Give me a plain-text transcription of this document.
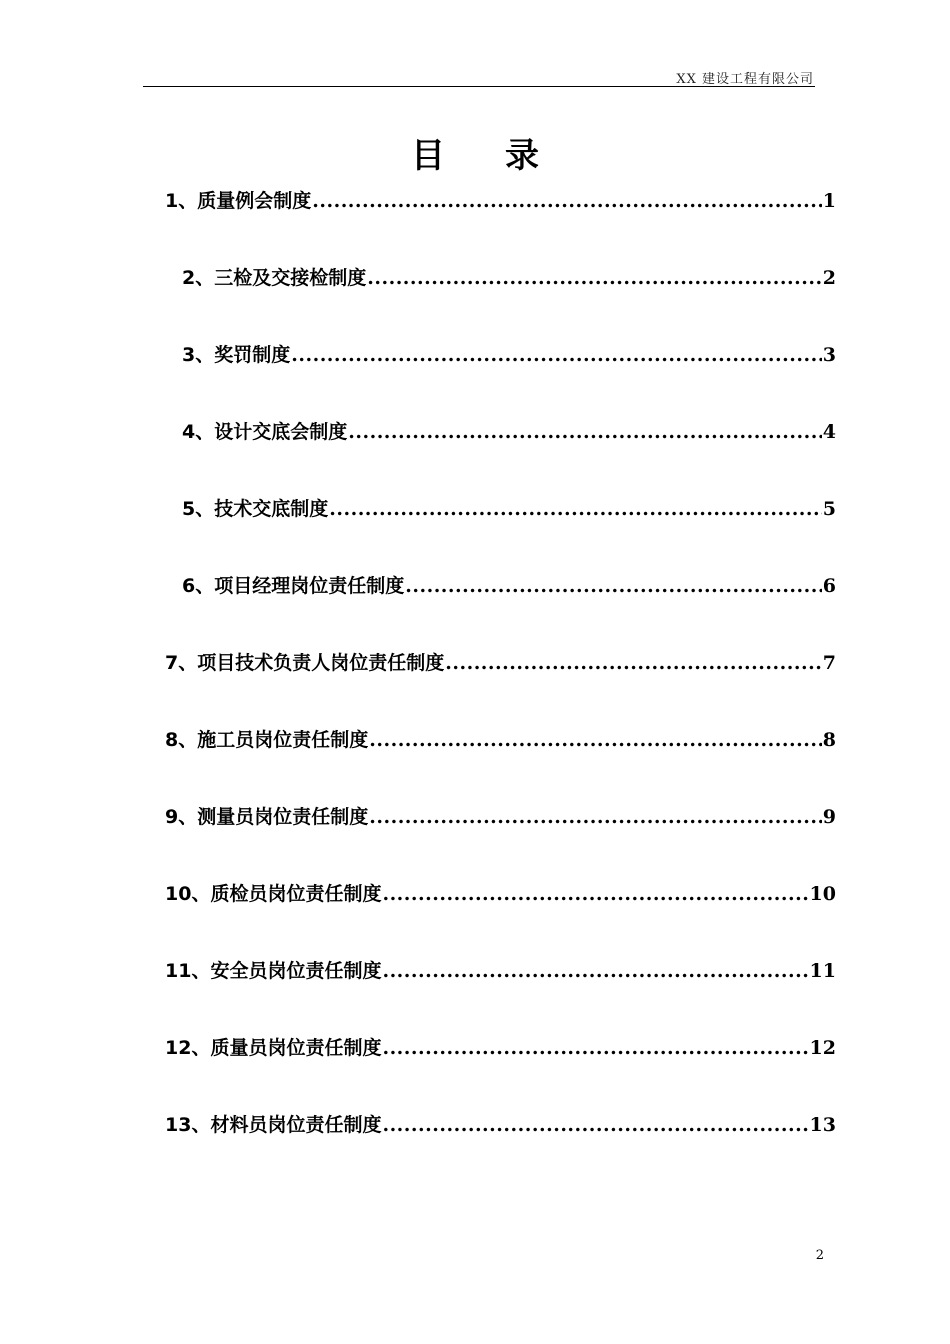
XX 建设工程有限公司
目录
1、质量例会制度 .....	1
2、三检及交接检制度 .....	2
3、奖罚制度 .....	3
4、设计交底会制度 .....	4
5、技术交底制度 .....	5
6、项目经理岗位责任制度 .....	6
7、项目技术负责人岗位责任制度 .....	7
8、施工员岗位责任制度 .....	8
9、测量员岗位责任制度 .....	9
10、质检员岗位责任制度 .....	10
11、安全员岗位责任制度 .....	11
12、质量员岗位责任制度 .....	12
13、材料员岗位责任制度 .....	13
2
